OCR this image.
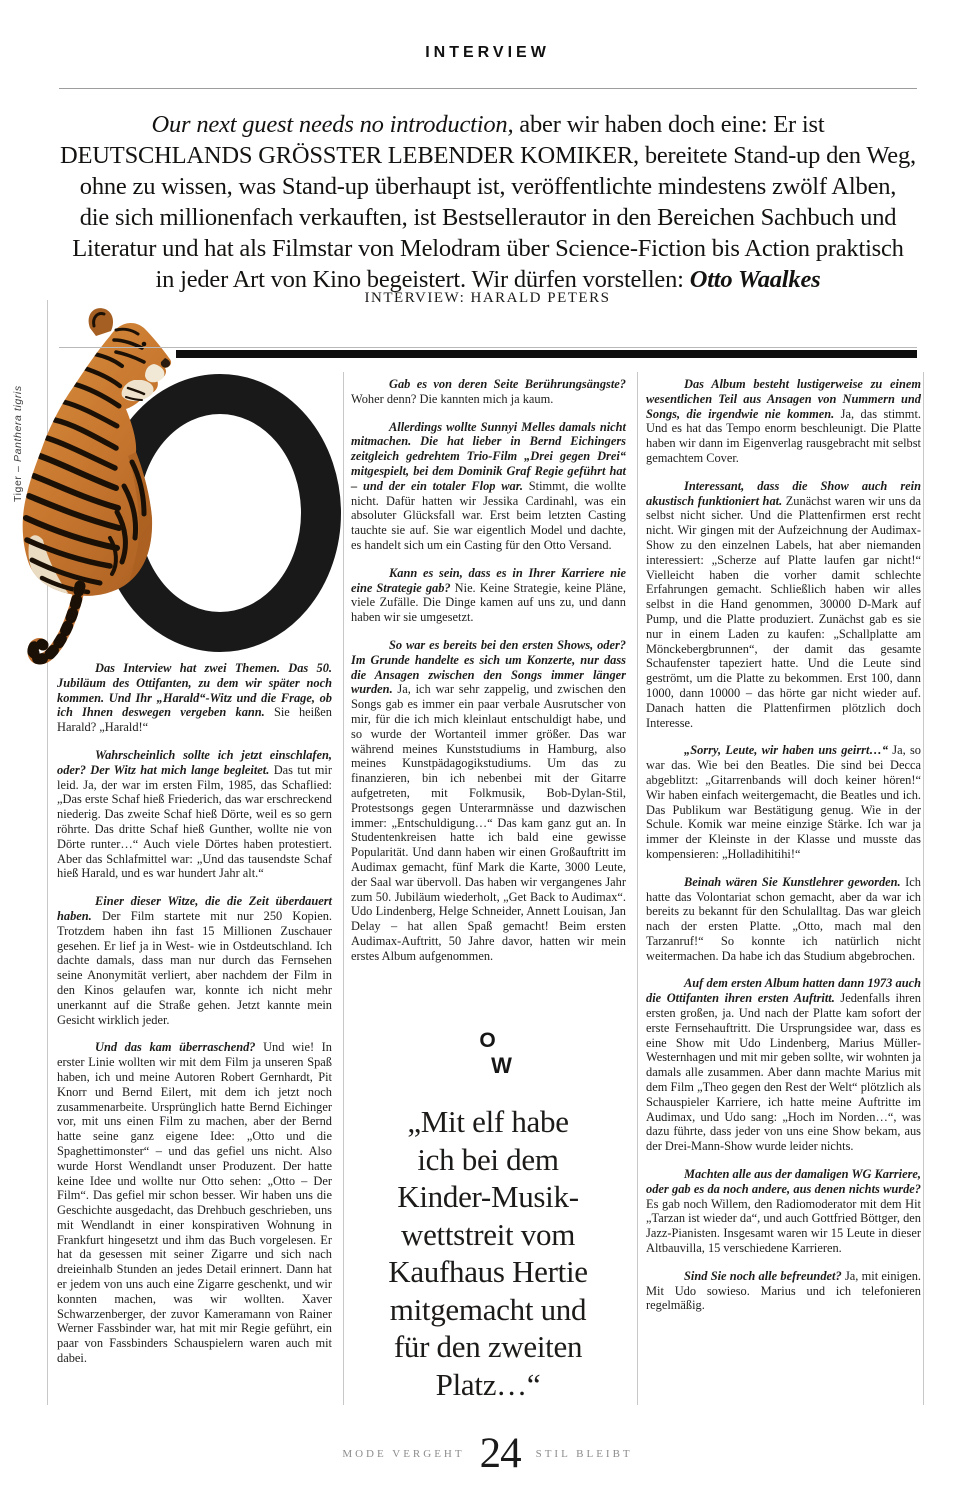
INTERVIEW
Our next guest needs no introduction, aber wir haben doch eine: Er ist
DEUTSCHLANDS GRÖSSTER LEBENDER KOMIKER, bereitete Stand-up den Weg,
ohne zu wissen, was Stand-up überhaupt ist, veröffentlichte mindestens zwölf Alben,
die sich millionenfach verkauften, ist Bestsellerautor in den Bereichen Sachbuch und
Literatur und hat als Filmstar von Melodram über Science-Fiction bis Action praktisch
in jeder Art von Kino begeistert. Wir dürfen vorstellen: Otto Waalkes
INTERVIEW: HARALD PETERS
Tiger – Panthera tigris

Das Interview hat zwei Themen. Das 50. Jubiläum des Ottifanten, zu dem wir später noch kommen. Und Ihr „Harald“-Witz und die Frage, ob ich Ihnen deswegen vergeben kann. Sie heißen Harald? „Harald!“

Wahrscheinlich sollte ich jetzt einschlafen, oder? Der Witz hat mich lange begleitet. Das tut mir leid. Ja, der war im ersten Film, 1985, das Schaflied: „Das erste Schaf hieß Friederich, das war erschreckend niederig. Das zweite Schaf hieß Dörte, weil es so gern röhrte. Das dritte Schaf hieß Gunther, wollte nie von Dörte runter…“ Auch viele Dörtes haben protestiert. Aber das Schlafmittel war: „Und das tausendste Schaf hieß Harald, und es war hundert Jahr alt.“

Einer dieser Witze, die die Zeit überdauert haben. Der Film startete mit nur 250 Kopien. Trotzdem haben ihn fast 15 Millionen Zuschauer gesehen. Er lief ja in West- wie in Ostdeutschland. Ich dachte damals, dass man nur durch das Fernsehen seine Anonymität verliert, aber nachdem der Film in den Kinos gelaufen war, konnte ich nicht mehr unerkannt auf die Straße gehen. Jetzt kannte mein Gesicht wirklich jeder.

Und das kam überraschend? Und wie! In erster Linie wollten wir mit dem Film ja unseren Spaß haben, ich und meine Autoren Robert Gernhardt, Pit Knorr und Bernd Eilert, mit dem ich jetzt noch zusammenarbeite. Ursprünglich hatte Bernd Eichinger vor, mit uns einen Film zu machen, aber der Bernd hatte seine ganz eigene Idee: „Otto und die Spaghettimonster“ – und das gefiel uns nicht. Also wurde Horst Wendlandt unser Produzent. Der hatte keine Idee und wollte nur Otto sehen: „Otto – Der Film“. Das gefiel mir schon besser. Wir haben uns die Geschichte ausgedacht, das Drehbuch geschrieben, uns mit Wendlandt in einer konspirativen Wohnung in Frankfurt hingesetzt und ihm das Buch vorgelesen. Er hat da gesessen mit seiner Zigarre und sich nach dreieinhalb Stunden an jedes Detail erinnert. Dann hat er jedem von uns auch eine Zigarre geschenkt, und wir konnten machen, was wir wollten. Xaver Schwarzenberger, der zuvor Kameramann von Rainer Werner Fassbinder war, hat mit mir Regie geführt, ein paar von Fassbinders Schauspielern waren auch mit dabei.

Gab es von deren Seite Berührungsängste? Woher denn? Die kannten mich ja kaum.

Allerdings wollte Sunnyi Melles damals nicht mitmachen. Die hat lieber in Bernd Eichingers zeitgleich gedrehtem Trio-Film „Drei gegen Drei“ mitgespielt, bei dem Dominik Graf Regie geführt hat – und der ein totaler Flop war. Stimmt, die wollte nicht. Dafür hatten wir Jessika Cardinahl, was ein absoluter Glücksfall war. Erst beim letzten Casting tauchte sie auf. Sie war eigentlich Model und dachte, es handelt sich um ein Casting für den Otto Versand.

Kann es sein, dass es in Ihrer Karriere nie eine Strategie gab? Nie. Keine Strategie, keine Pläne, viele Zufälle. Die Dinge kamen auf uns zu, und dann haben wir sie umgesetzt.

So war es bereits bei den ersten Shows, oder? Im Grunde handelte es sich um Konzerte, nur dass die Ansagen zwischen den Songs immer länger wurden. Ja, ich war sehr zappelig, und zwischen den Songs gab es immer ein paar verbale Ausrutscher von mir, für die ich mich kleinlaut entschuldigt habe, und so wurde der Wortanteil immer größer. Das war während meines Kunststudiums in Hamburg, also meines Kunstpädagogikstudiums. Um das zu finanzieren, bin ich nebenbei mit der Gitarre aufgetreten, mit Folkmusik, Bob-Dylan-Stil, Protestsongs gegen Unterarmnässe und dazwischen immer: „Entschuldigung…“ Das kam ganz gut an. In Studentenkreisen hatte ich bald eine gewisse Popularität. Und dann haben wir einen Großauftritt im Audimax gemacht, fünf Mark die Karte, 3000 Leute, der Saal war übervoll. Das haben wir vergangenes Jahr zum 50. Jubiläum wiederholt, „Get Back to Audimax“. Udo Lindenberg, Helge Schneider, Annett Louisan, Jan Delay – hat allen Spaß gemacht! Beim ersten Audimax-Auftritt, 50 Jahre davor, hatten wir mein erstes Album aufgenommen.

Das Album besteht lustigerweise zu einem wesentlichen Teil aus Ansagen von Nummern und Songs, die irgendwie nie kommen. Ja, das stimmt. Und es hat das Tempo enorm beschleunigt. Die Platte haben wir dann im Eigenverlag rausgebracht mit selbst gemachtem Cover.

Interessant, dass die Show auch rein akustisch funktioniert hat. Zunächst waren wir uns da selbst nicht sicher. Und die Plattenfirmen erst recht nicht. Wir gingen mit der Aufzeichnung der Audimax-Show zu den einzelnen Labels, hat aber niemanden interessiert: „Scherze auf Platte laufen gar nicht!“ Vielleicht haben die vorher damit schlechte Erfahrungen gemacht. Schließlich haben wir alles selbst in die Hand genommen, 30000 D-Mark auf Pump, und die Platte produziert. Zunächst gab es sie nur in einem Laden zu kaufen: „Schallplatte am Mönckebergbrunnen“, der damit das gesamte Schaufenster tapeziert hatte. Und die Leute sind geströmt, um die Platte zu bekommen. Erst 100, dann 1000, dann 10000 – das hörte gar nicht wieder auf. Danach hatten die Plattenfirmen plötzlich doch Interesse.

„Sorry, Leute, wir haben uns geirrt…“ Ja, so war das. Wie bei den Beatles. Die sind bei Decca abgeblitzt: „Gitarrenbands will doch keiner hören!“ Wir haben einfach weitergemacht, die Beatles und ich. Das Publikum war Bestätigung genug. Wie in der Schule. Komik war meine einzige Stärke. Ich war ja immer der Kleinste in der Klasse und musste das kompensieren: „Holladihitihi!“

Beinah wären Sie Kunstlehrer geworden. Ich hatte das Volontariat schon gemacht, aber da war ich bereits zu bekannt für den Schulalltag. Das war gleich nach der ersten Platte. „Otto, mach mal den Tarzanruf!“ So konnte ich natürlich nicht weitermachen. Da habe ich das Studium abgebrochen.

Auf dem ersten Album hatten dann 1973 auch die Ottifanten ihren ersten Auftritt. Jedenfalls ihren ersten großen, ja. Und nach der Platte kam sofort der erste Fernsehauftritt. Die Ursprungsidee war, dass es eine Show mit Udo Lindenberg, Marius Müller-Westernhagen und mit mir geben sollte, wir wohnten ja damals alle zusammen. Aber dann machte Marius mit dem Film „Theo gegen den Rest der Welt“ plötzlich als Schauspieler Karriere, ich hatte meine Auftritte im Audimax, und Udo sang: „Hoch im Norden…“, was dazu führte, dass jeder von uns eine Show bekam, aus der Drei-Mann-Show wurde leider nichts.

Machten alle aus der damaligen WG Karriere, oder gab es da noch andere, aus denen nichts wurde? Es gab noch Willem, den Radiomoderator mit dem Hit „Tarzan ist wieder da“, und auch Gottfried Böttger, den Jazz-Pianisten. Insgesamt waren wir 15 Leute in dieser Altbauvilla, 15 verschiedene Karrieren.

Sind Sie noch alle befreundet? Ja, mit einigen. Mit Udo sowieso. Marius und ich telefonieren regelmäßig.

O
W
„Mit elf habe
ich bei dem
Kinder-Musik-
wettstreit vom
Kaufhaus Hertie
mitgemacht und
für den zweiten
Platz…“
MODE VERGEHT 24 STIL BLEIBT
